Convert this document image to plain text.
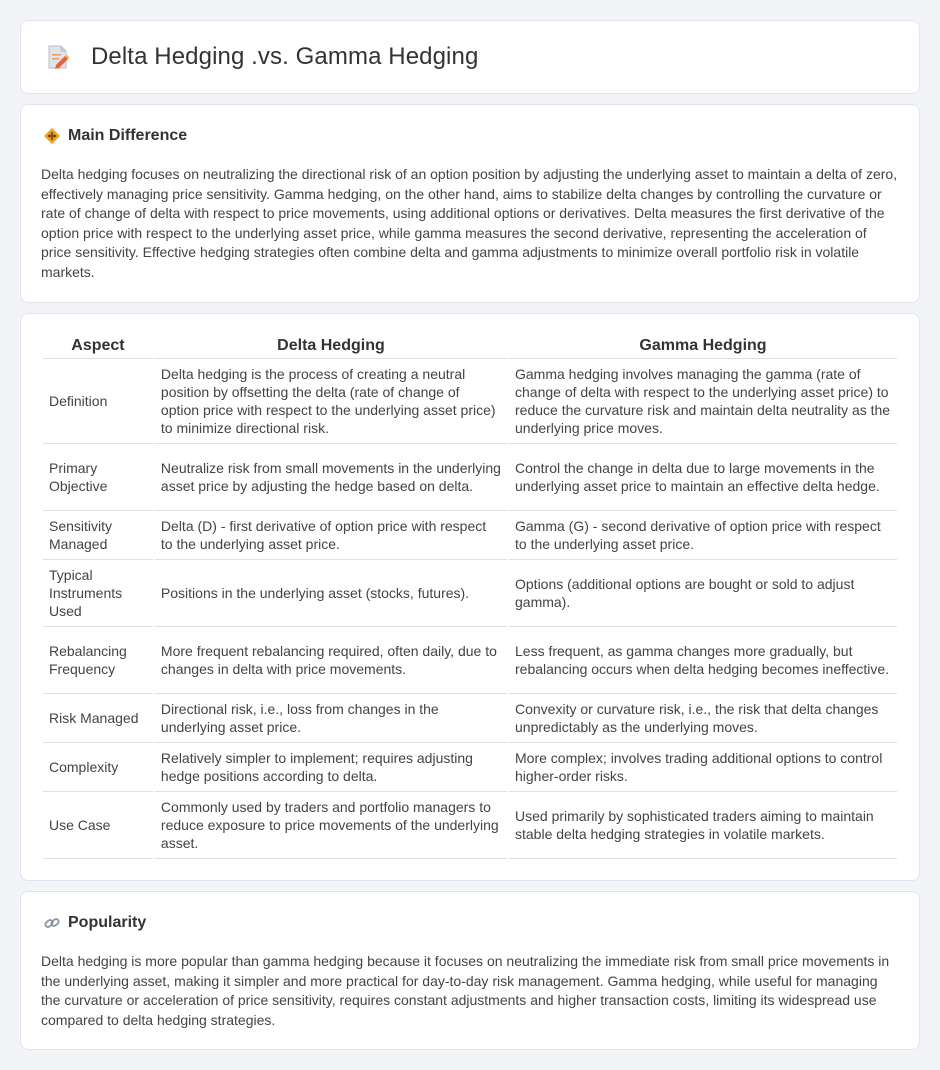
Delta Hedging .vs. Gamma Hedging
Main Difference

Delta hedging focuses on neutralizing the directional risk of an option position by adjusting the underlying asset to maintain a delta of zero, effectively managing price sensitivity. Gamma hedging, on the other hand, aims to stabilize delta changes by controlling the curvature or rate of change of delta with respect to price movements, using additional options or derivatives. Delta measures the first derivative of the option price with respect to the underlying asset price, while gamma measures the second derivative, representing the acceleration of price sensitivity. Effective hedging strategies often combine delta and gamma adjustments to minimize overall portfolio risk in volatile markets.

Aspect	Delta Hedging	Gamma Hedging
Definition	Delta hedging is the process of creating a neutral position by offsetting the delta (rate of change of option price with respect to the underlying asset price) to minimize directional risk.	Gamma hedging involves managing the gamma (rate of change of delta with respect to the underlying asset price) to reduce the curvature risk and maintain delta neutrality as the underlying price moves.
Primary Objective	Neutralize risk from small movements in the underlying asset price by adjusting the hedge based on delta.	Control the change in delta due to large movements in the underlying asset price to maintain an effective delta hedge.
Sensitivity Managed	Delta (D) - first derivative of option price with respect to the underlying asset price.	Gamma (G) - second derivative of option price with respect to the underlying asset price.
Typical Instruments Used	Positions in the underlying asset (stocks, futures).	Options (additional options are bought or sold to adjust gamma).
Rebalancing Frequency	More frequent rebalancing required, often daily, due to changes in delta with price movements.	Less frequent, as gamma changes more gradually, but rebalancing occurs when delta hedging becomes ineffective.
Risk Managed	Directional risk, i.e., loss from changes in the underlying asset price.	Convexity or curvature risk, i.e., the risk that delta changes unpredictably as the underlying moves.
Complexity	Relatively simpler to implement; requires adjusting hedge positions according to delta.	More complex; involves trading additional options to control higher-order risks.
Use Case	Commonly used by traders and portfolio managers to reduce exposure to price movements of the underlying asset.	Used primarily by sophisticated traders aiming to maintain stable delta hedging strategies in volatile markets.
Popularity

Delta hedging is more popular than gamma hedging because it focuses on neutralizing the immediate risk from small price movements in the underlying asset, making it simpler and more practical for day-to-day risk management. Gamma hedging, while useful for managing the curvature or acceleration of price sensitivity, requires constant adjustments and higher transaction costs, limiting its widespread use compared to delta hedging strategies.
